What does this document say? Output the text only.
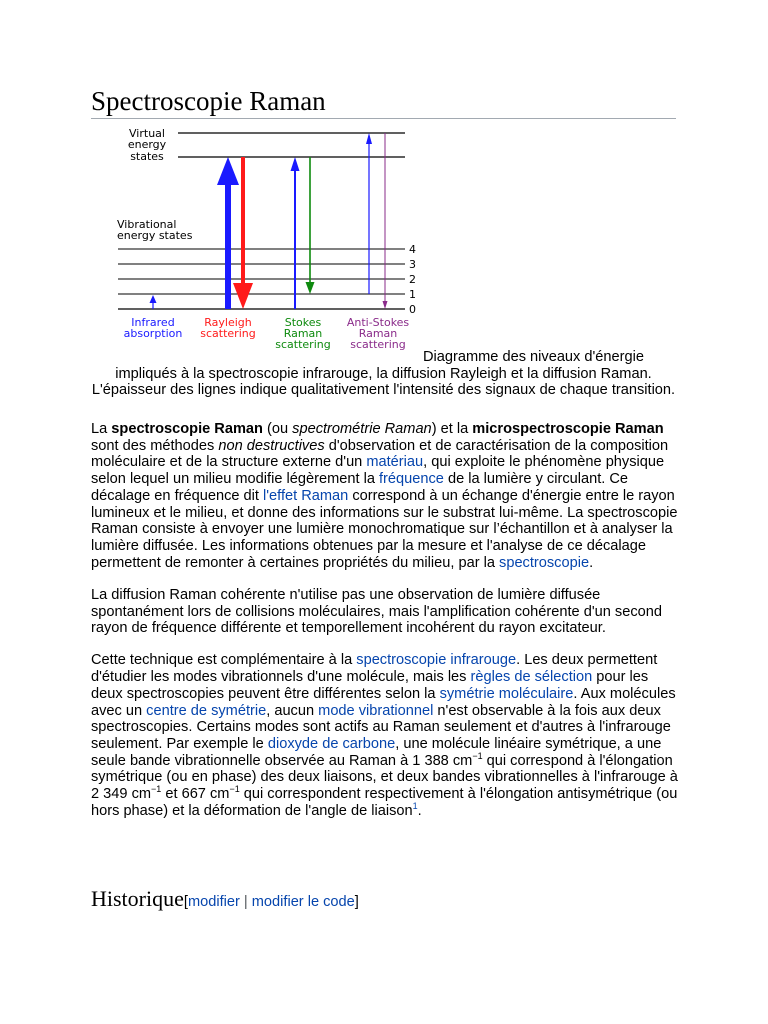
Spectroscopie Raman
Virtual
energy
states
Vibrational
energy states
4
3
2
1
0
Infrared
absorption
Rayleigh
scattering
Stokes
Raman
scattering
Anti-Stokes
Raman
scattering
Diagramme des niveaux d'énergie
impliqués à la spectroscopie infrarouge, la diffusion Rayleigh et la diffusion Raman. L'épaisseur des lignes indique qualitativement l'intensité des signaux de chaque transition.

La spectroscopie Raman (ou spectrométrie Raman) et la microspectroscopie Raman sont des méthodes non destructives d'observation et de caractérisation de la composition moléculaire et de la structure externe d'un matériau, qui exploite le phénomène physique selon lequel un milieu modifie légèrement la fréquence de la lumière y circulant. Ce décalage en fréquence dit l'effet Raman correspond à un échange d'énergie entre le rayon lumineux et le milieu, et donne des informations sur le substrat lui-même. La spectroscopie Raman consiste à envoyer une lumière monochromatique sur l’échantillon et à analyser la lumière diffusée. Les informations obtenues par la mesure et l'analyse de ce décalage permettent de remonter à certaines propriétés du milieu, par la spectroscopie.

La diffusion Raman cohérente n'utilise pas une observation de lumière diffusée spontanément lors de collisions moléculaires, mais l'amplification cohérente d'un second rayon de fréquence différente et temporellement incohérent du rayon excitateur.

Cette technique est complémentaire à la spectroscopie infrarouge. Les deux permettent d'étudier les modes vibrationnels d'une molécule, mais les règles de sélection pour les deux spectroscopies peuvent être différentes selon la symétrie moléculaire. Aux molécules avec un centre de symétrie, aucun mode vibrationnel n'est observable à la fois aux deux spectroscopies. Certains modes sont actifs au Raman seulement et d'autres à l'infrarouge seulement. Par exemple le dioxyde de carbone, une molécule linéaire symétrique, a une seule bande vibrationnelle observée au Raman à 1 388 $cm^{-1}$ qui correspond à l'élongation symétrique (ou en phase) des deux liaisons, et deux bandes vibrationnelles à l'infrarouge à 2 349 $cm^{-1}$ et 667 $cm^{-1}$ qui correspondent respectivement à l'élongation antisymétrique (ou hors phase) et la déformation de l'angle de liaison$^1$.

Historique[modifier | modifier le code]
